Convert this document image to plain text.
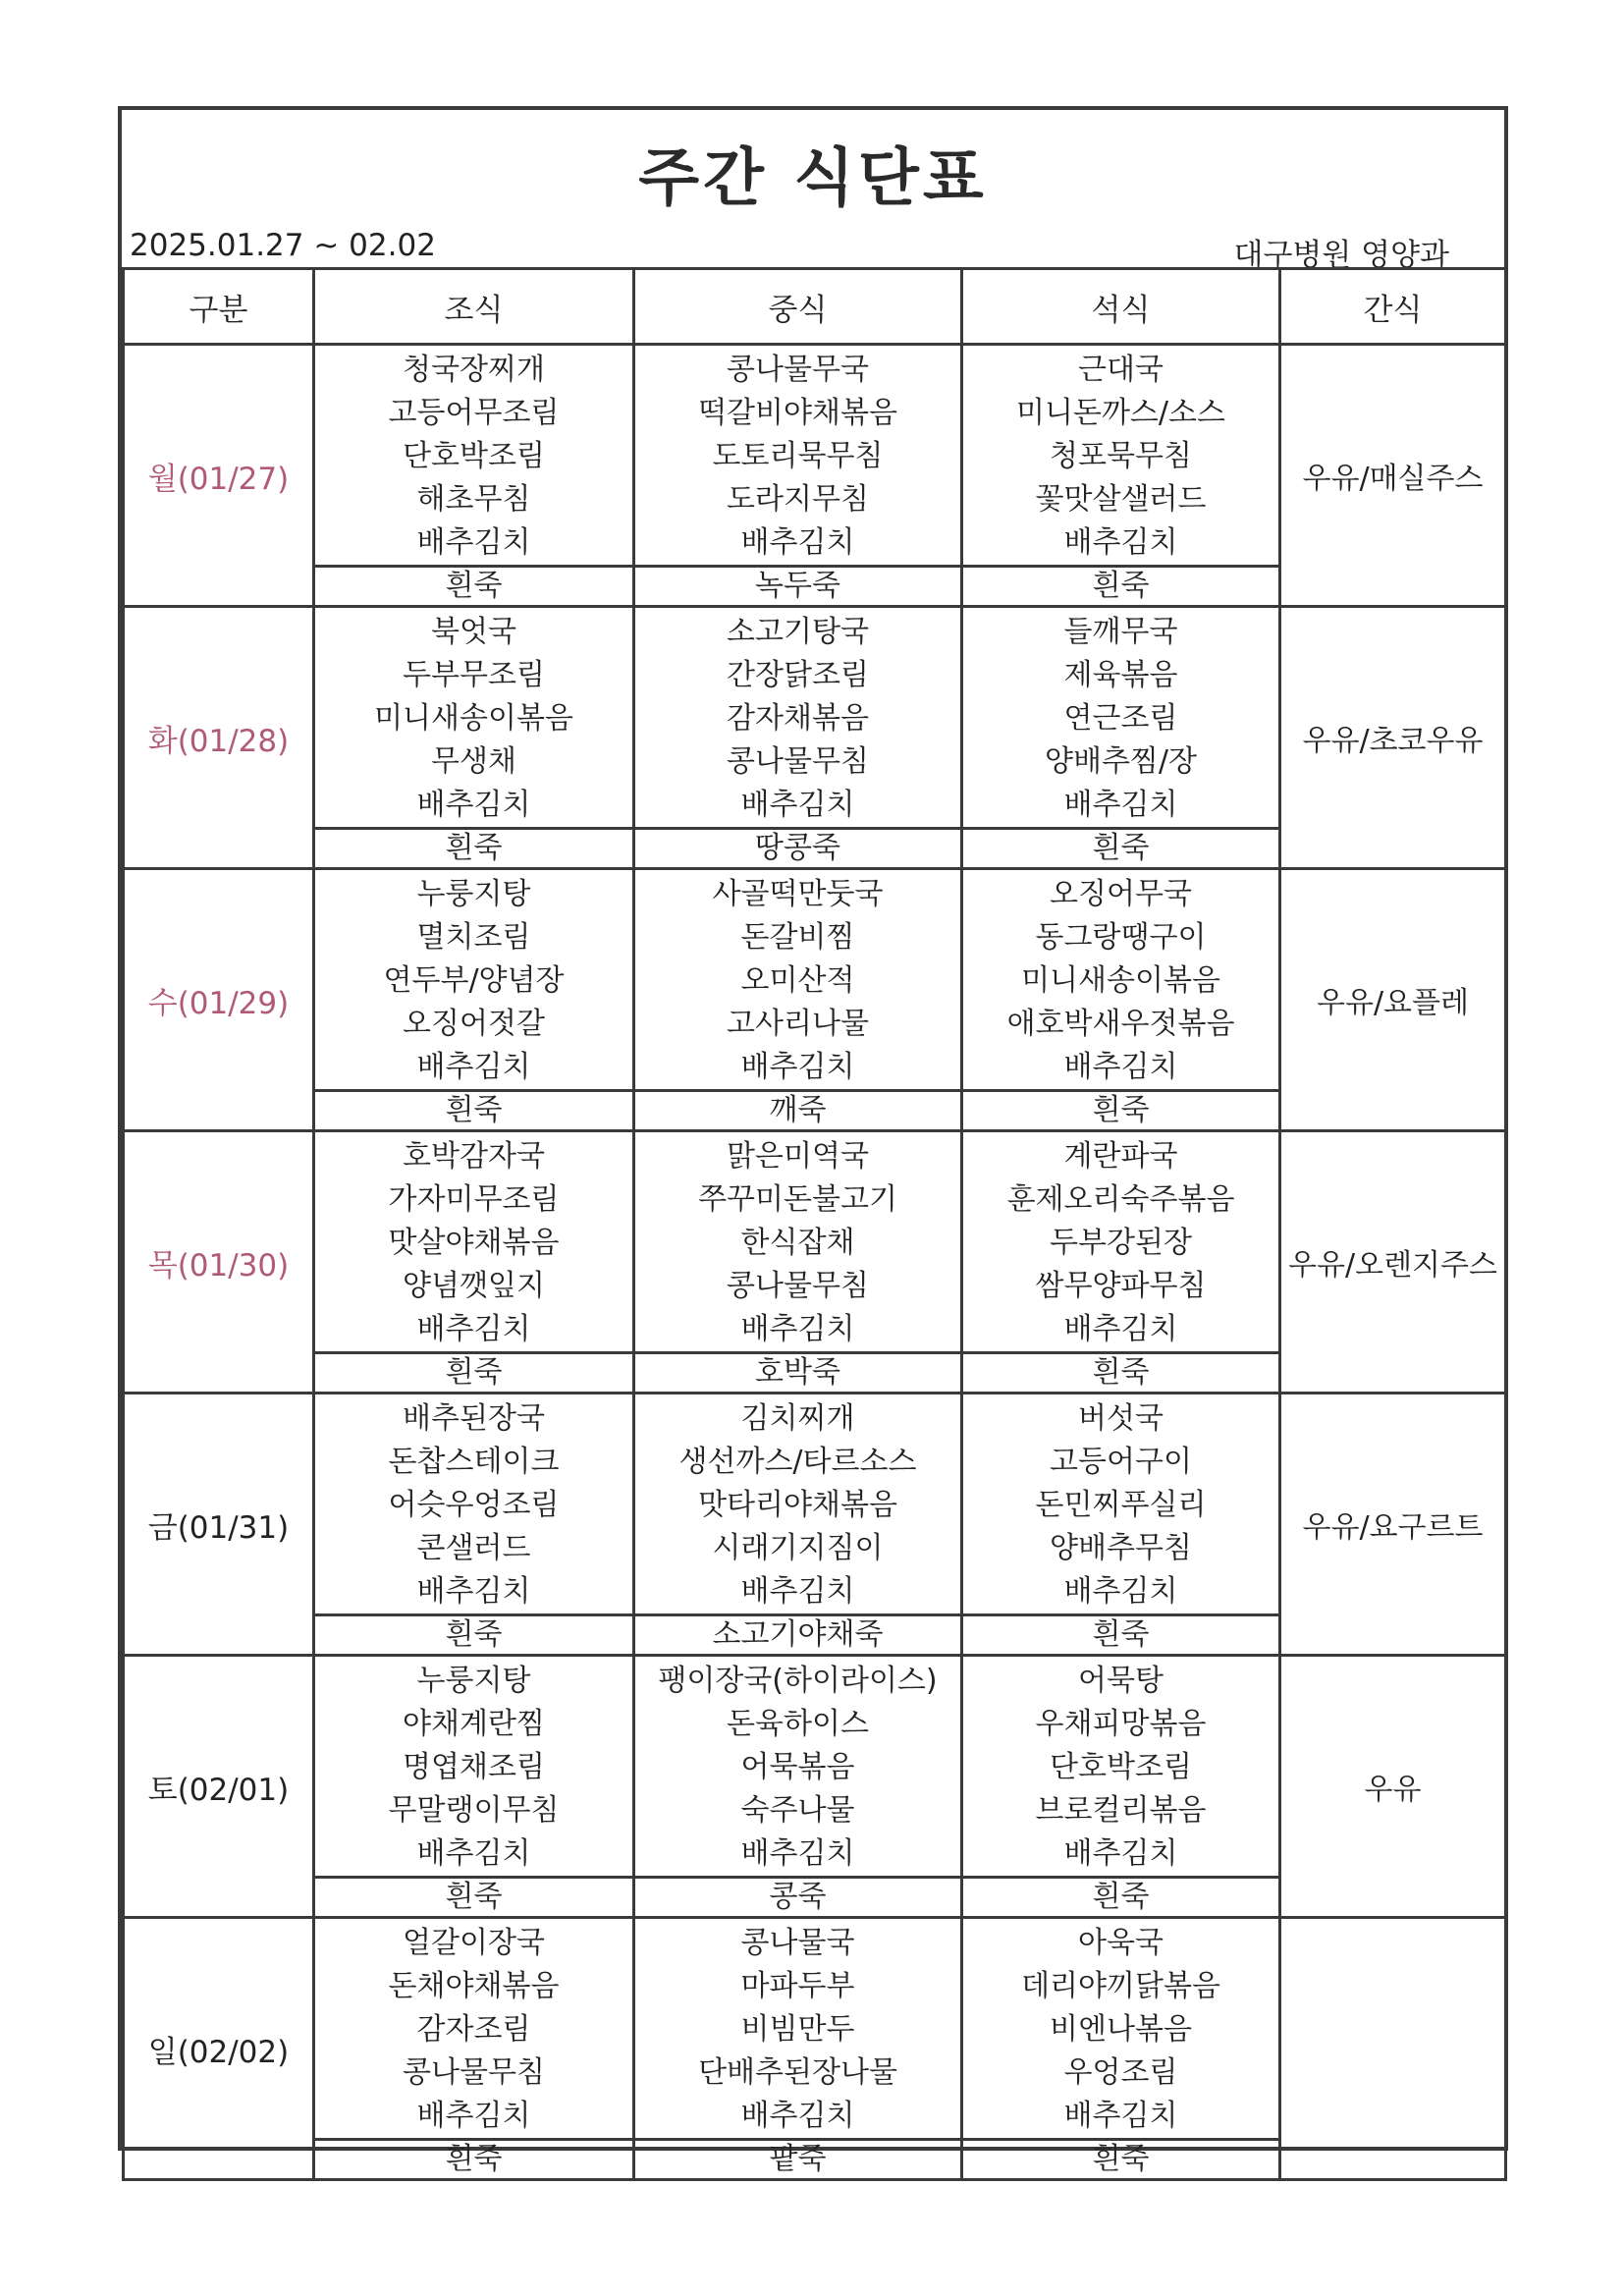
주간 식단표
2025.01.27 ~ 02.02	대구병원 영양과
구분	조식	중식	석식	간식
월(01/27)	청국장찌개
고등어무조림
단호박조림
해초무침
배추김치	콩나물무국
떡갈비야채볶음
도토리묵무침
도라지무침
배추김치	근대국
미니돈까스/소스
청포묵무침
꽃맛살샐러드
배추김치	우유/매실주스
	흰죽	녹두죽	흰죽	
화(01/28)	북엇국
두부무조림
미니새송이볶음
무생채
배추김치	소고기탕국
간장닭조림
감자채볶음
콩나물무침
배추김치	들깨무국
제육볶음
연근조림
양배추찜/장
배추김치	우유/초코우유
	흰죽	땅콩죽	흰죽	
수(01/29)	누룽지탕
멸치조림
연두부/양념장
오징어젓갈
배추김치	사골떡만둣국
돈갈비찜
오미산적
고사리나물
배추김치	오징어무국
동그랑땡구이
미니새송이볶음
애호박새우젓볶음
배추김치	우유/요플레
	흰죽	깨죽	흰죽	
목(01/30)	호박감자국
가자미무조림
맛살야채볶음
양념깻잎지
배추김치	맑은미역국
쭈꾸미돈불고기
한식잡채
콩나물무침
배추김치	계란파국
훈제오리숙주볶음
두부강된장
쌈무양파무침
배추김치	우유/오렌지주스
	흰죽	호박죽	흰죽	
금(01/31)	배추된장국
돈찹스테이크
어슷우엉조림
콘샐러드
배추김치	김치찌개
생선까스/타르소스
맛타리야채볶음
시래기지짐이
배추김치	버섯국
고등어구이
돈민찌푸실리
양배추무침
배추김치	우유/요구르트
	흰죽	소고기야채죽	흰죽	
토(02/01)	누룽지탕
야채계란찜
명엽채조림
무말랭이무침
배추김치	팽이장국(하이라이스)
돈육하이스
어묵볶음
숙주나물
배추김치	어묵탕
우채피망볶음
단호박조림
브로컬리볶음
배추김치	우유
	흰죽	콩죽	흰죽	
일(02/02)	얼갈이장국
돈채야채볶음
감자조림
콩나물무침
배추김치	콩나물국
마파두부
비빔만두
단배추된장나물
배추김치	아욱국
데리야끼닭볶음
비엔나볶음
우엉조림
배추김치	

	흰죽	팥죽	흰죽	
